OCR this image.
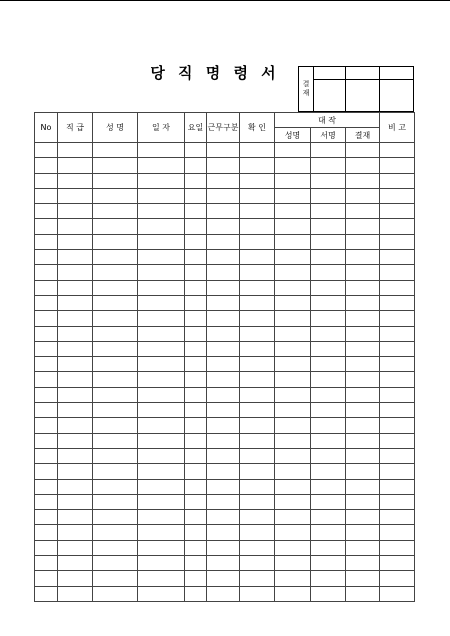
당 직 명 령 서
결재			

No	직 급	성 명	일 자	요일	근무구분	확 인	대 작			비 고
							성명	서명	결재	
